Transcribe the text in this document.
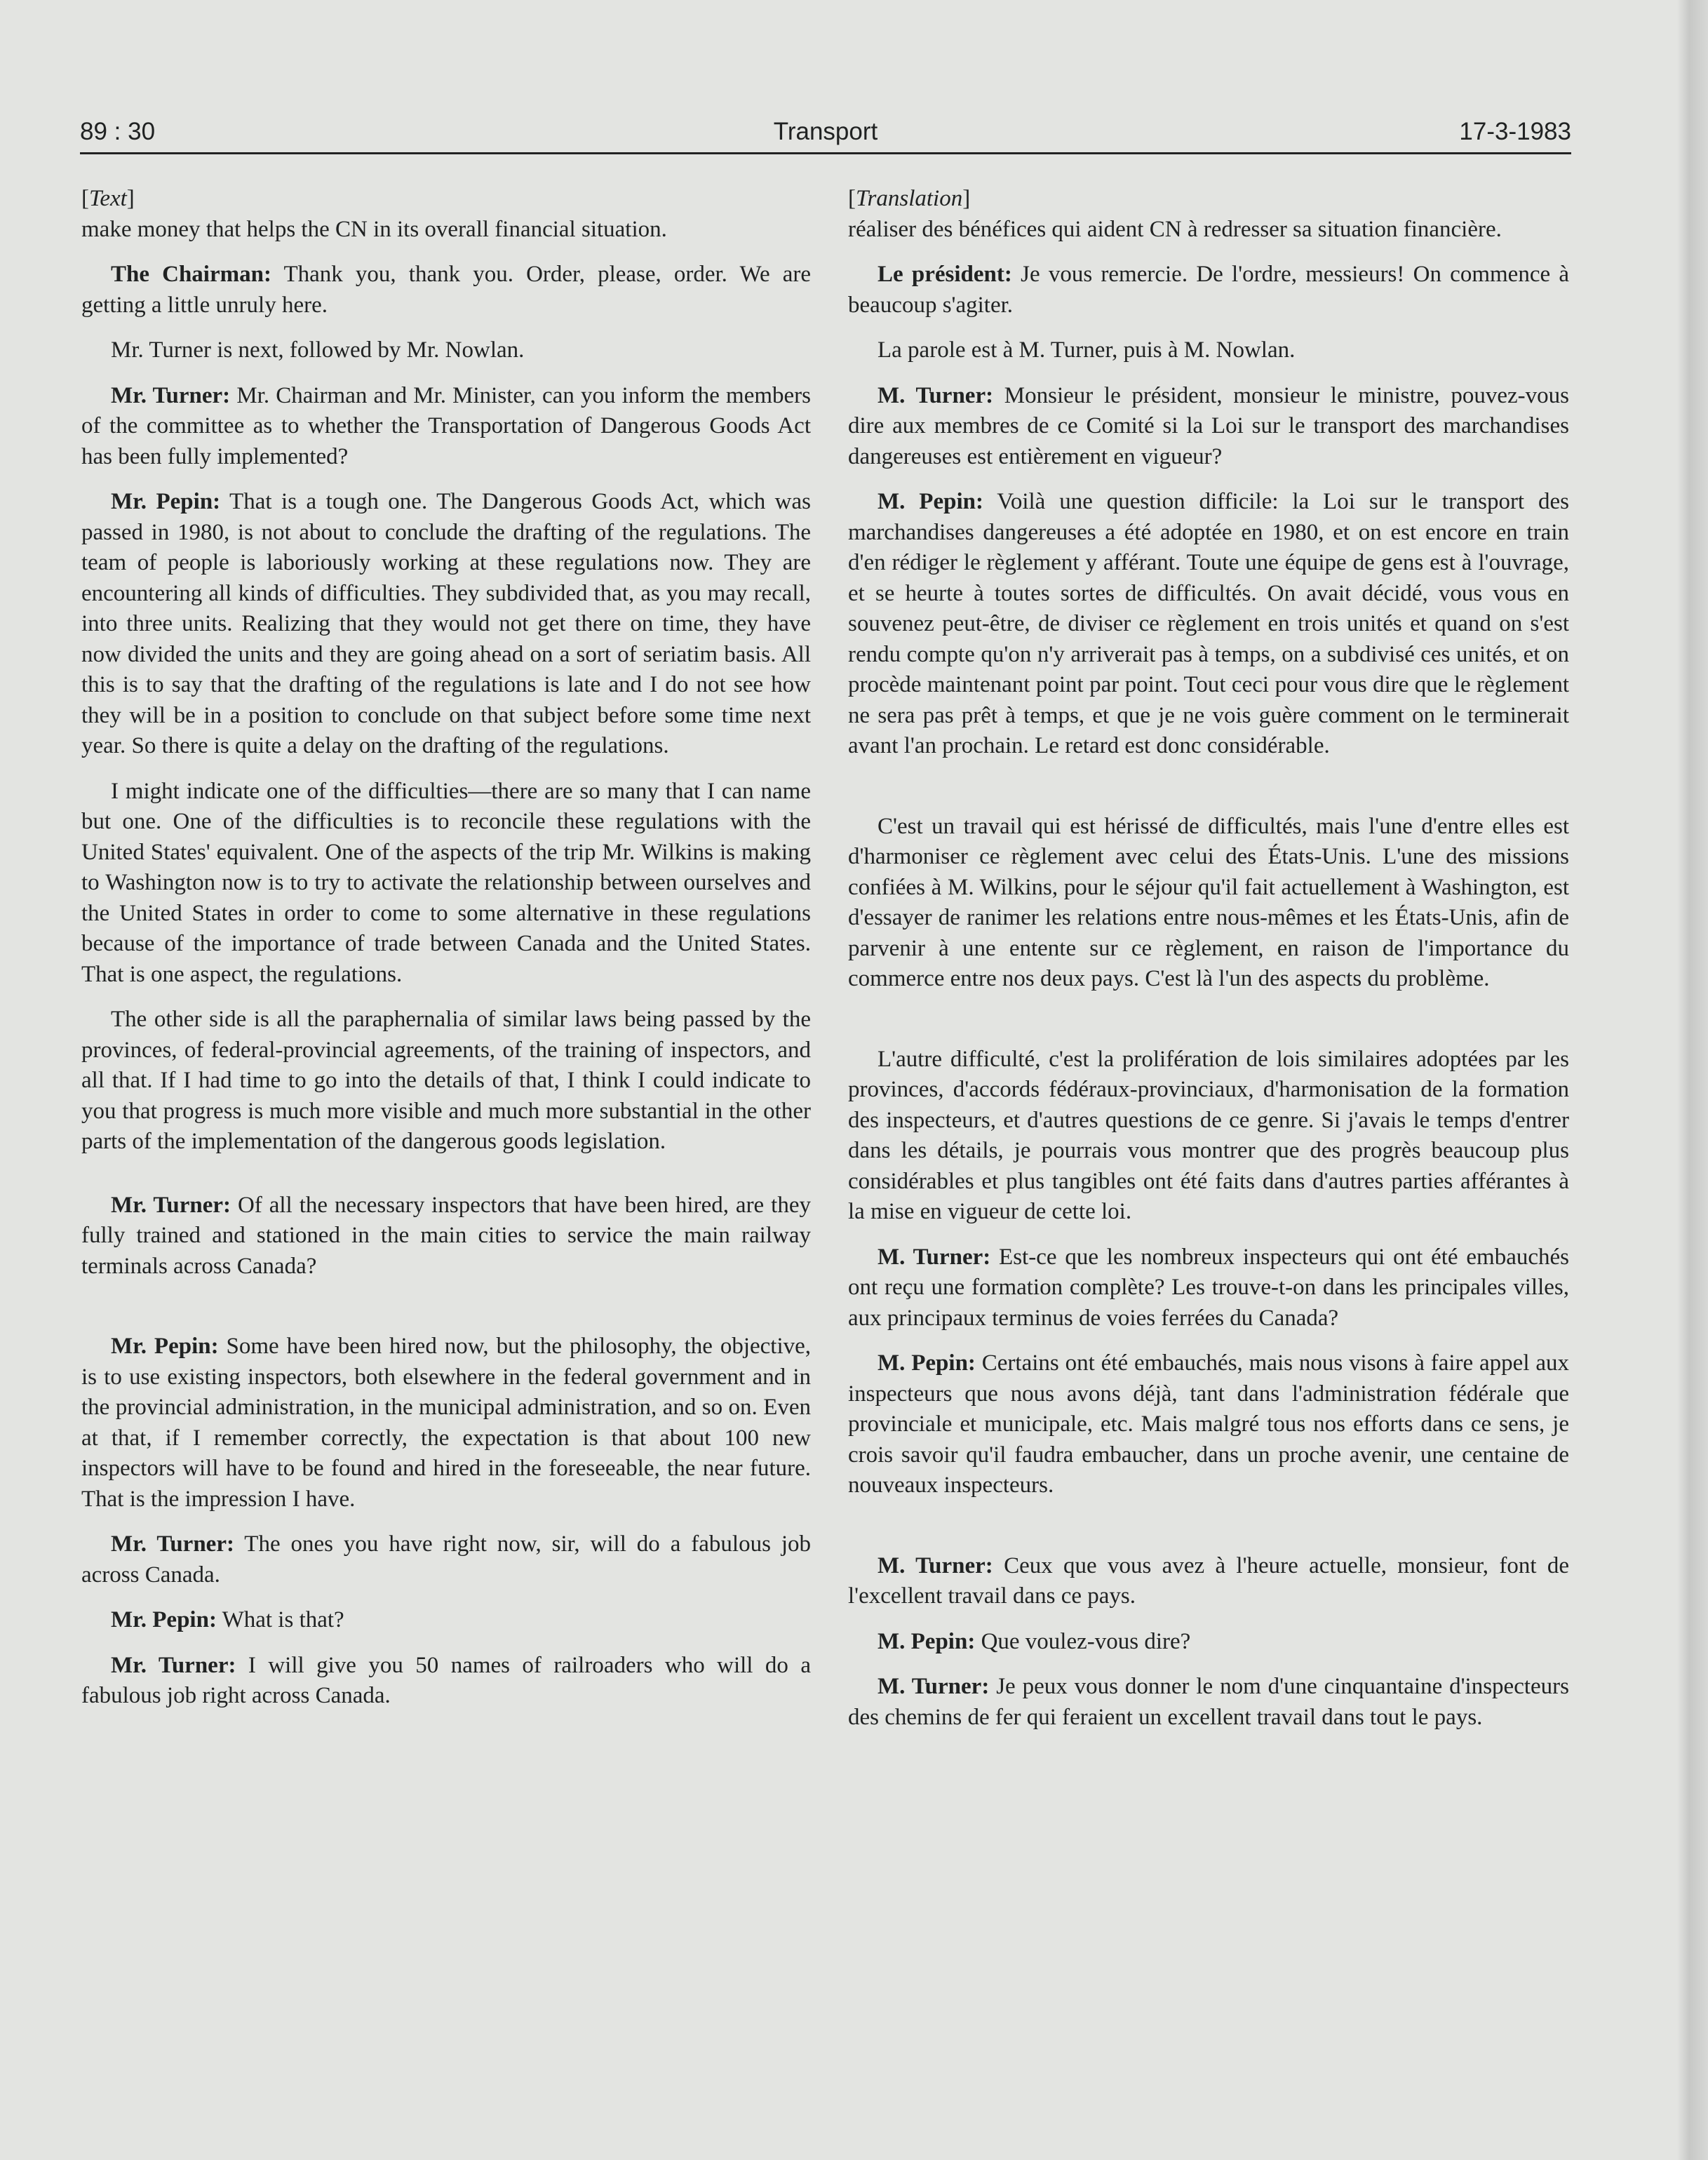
89 : 30	Transport	17-3-1983

[Text]

make money that helps the CN in its overall financial situation.

The Chairman: Thank you, thank you. Order, please, order. We are getting a little unruly here.

Mr. Turner is next, followed by Mr. Nowlan.

Mr. Turner: Mr. Chairman and Mr. Minister, can you inform the members of the committee as to whether the Transportation of Dangerous Goods Act has been fully implemented?

Mr. Pepin: That is a tough one. The Dangerous Goods Act, which was passed in 1980, is not about to conclude the drafting of the regulations. The team of people is laboriously working at these regulations now. They are encountering all kinds of difficulties. They subdivided that, as you may recall, into three units. Realizing that they would not get there on time, they have now divided the units and they are going ahead on a sort of seriatim basis. All this is to say that the drafting of the regulations is late and I do not see how they will be in a position to conclude on that subject before some time next year. So there is quite a delay on the drafting of the regulations.

I might indicate one of the difficulties—there are so many that I can name but one. One of the difficulties is to reconcile these regulations with the United States' equivalent. One of the aspects of the trip Mr. Wilkins is making to Washington now is to try to activate the relationship between ourselves and the United States in order to come to some alternative in these regulations because of the importance of trade between Canada and the United States. That is one aspect, the regulations.

The other side is all the paraphernalia of similar laws being passed by the provinces, of federal-provincial agreements, of the training of inspectors, and all that. If I had time to go into the details of that, I think I could indicate to you that progress is much more visible and much more substantial in the other parts of the implementation of the dangerous goods legislation.

Mr. Turner: Of all the necessary inspectors that have been hired, are they fully trained and stationed in the main cities to service the main railway terminals across Canada?

Mr. Pepin: Some have been hired now, but the philosophy, the objective, is to use existing inspectors, both elsewhere in the federal government and in the provincial administration, in the municipal administration, and so on. Even at that, if I remember correctly, the expectation is that about 100 new inspectors will have to be found and hired in the foreseeable, the near future. That is the impression I have.

Mr. Turner: The ones you have right now, sir, will do a fabulous job across Canada.

Mr. Pepin: What is that?

Mr. Turner: I will give you 50 names of railroaders who will do a fabulous job right across Canada.

[Translation]

réaliser des bénéfices qui aident CN à redresser sa situation financière.

Le président: Je vous remercie. De l'ordre, messieurs! On commence à beaucoup s'agiter.

La parole est à M. Turner, puis à M. Nowlan.

M. Turner: Monsieur le président, monsieur le ministre, pouvez-vous dire aux membres de ce Comité si la Loi sur le transport des marchandises dangereuses est entièrement en vigueur?

M. Pepin: Voilà une question difficile: la Loi sur le transport des marchandises dangereuses a été adoptée en 1980, et on est encore en train d'en rédiger le règlement y afférant. Toute une équipe de gens est à l'ouvrage, et se heurte à toutes sortes de difficultés. On avait décidé, vous vous en souvenez peut-être, de diviser ce règlement en trois unités et quand on s'est rendu compte qu'on n'y arriverait pas à temps, on a subdivisé ces unités, et on procède maintenant point par point. Tout ceci pour vous dire que le règlement ne sera pas prêt à temps, et que je ne vois guère comment on le terminerait avant l'an prochain. Le retard est donc considérable.

C'est un travail qui est hérissé de difficultés, mais l'une d'entre elles est d'harmoniser ce règlement avec celui des États-Unis. L'une des missions confiées à M. Wilkins, pour le séjour qu'il fait actuellement à Washington, est d'essayer de ranimer les relations entre nous-mêmes et les États-Unis, afin de parvenir à une entente sur ce règlement, en raison de l'importance du commerce entre nos deux pays. C'est là l'un des aspects du problème.

L'autre difficulté, c'est la prolifération de lois similaires adoptées par les provinces, d'accords fédéraux-provinciaux, d'harmonisation de la formation des inspecteurs, et d'autres questions de ce genre. Si j'avais le temps d'entrer dans les détails, je pourrais vous montrer que des progrès beaucoup plus considérables et plus tangibles ont été faits dans d'autres parties afférantes à la mise en vigueur de cette loi.

M. Turner: Est-ce que les nombreux inspecteurs qui ont été embauchés ont reçu une formation complète? Les trouve-t-on dans les principales villes, aux principaux terminus de voies ferrées du Canada?

M. Pepin: Certains ont été embauchés, mais nous visons à faire appel aux inspecteurs que nous avons déjà, tant dans l'administration fédérale que provinciale et municipale, etc. Mais malgré tous nos efforts dans ce sens, je crois savoir qu'il faudra embaucher, dans un proche avenir, une centaine de nouveaux inspecteurs.

M. Turner: Ceux que vous avez à l'heure actuelle, monsieur, font de l'excellent travail dans ce pays.

M. Pepin: Que voulez-vous dire?

M. Turner: Je peux vous donner le nom d'une cinquantaine d'inspecteurs des chemins de fer qui feraient un excellent travail dans tout le pays.
